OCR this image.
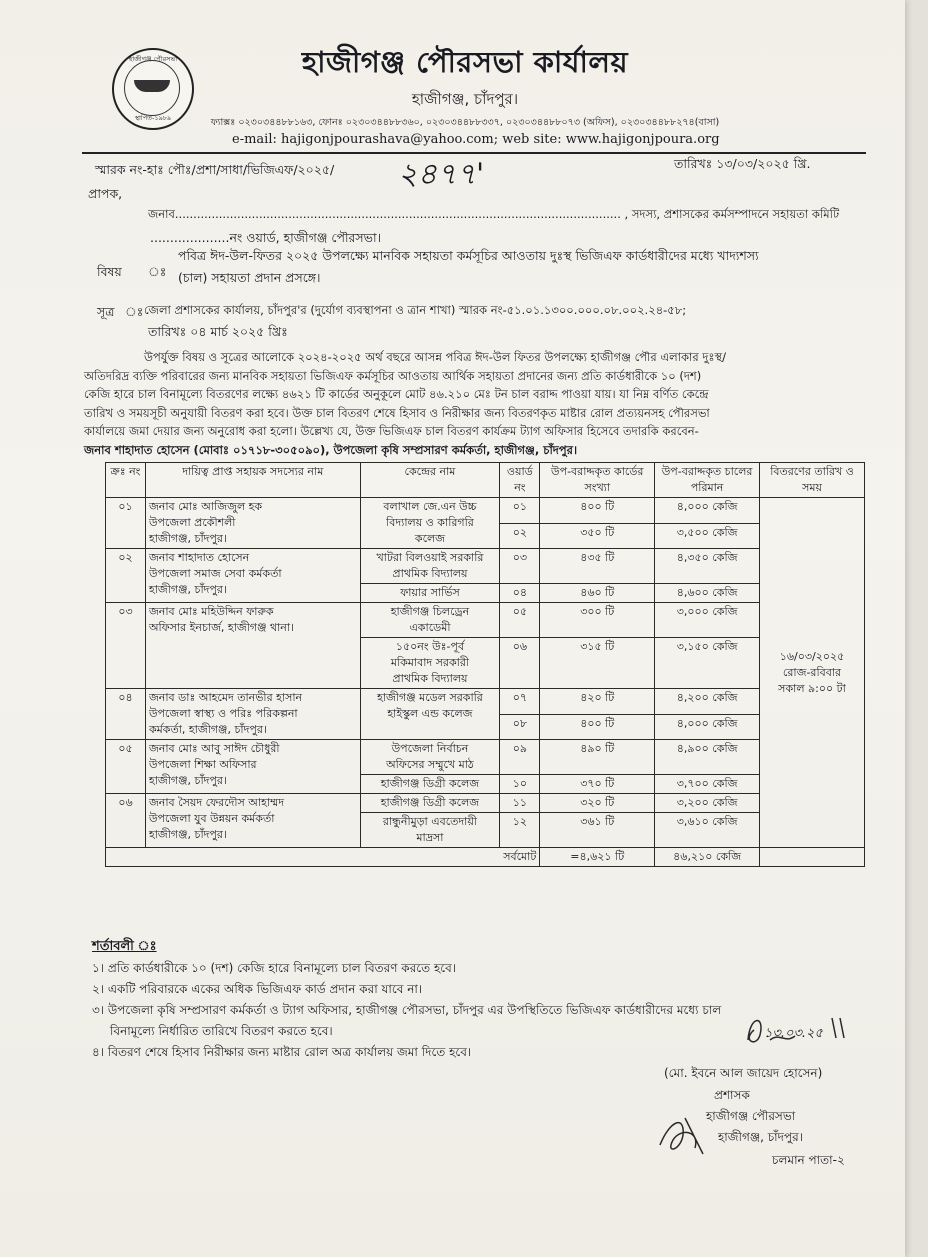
হাজীগঞ্জ পৌরসভা
স্থাপিত-১৯৮৯
হাজীগঞ্জ পৌরসভা কার্যালয়
হাজীগঞ্জ, চাঁদপুর।
ফ্যাক্সঃ ০২৩০৩৪৪৮৮১৬৩, ফোনঃ ০২৩০৩৪৪৮৮৩৬০, ০২৩০৩৪৪৮৮৩৩৭, ০২৩০৩৪৪৮৮০৭৩ (অফিস), ০২৩০৩৪৪৮৮২৭৪(বাসা)
e-mail: hajigonjpourashava@yahoo.com; web site: www.hajigonjpoura.org
স্মারক নং-হাঃ পৌঃ/প্রশা/সাধা/ভিজিএফ/২০২৫/ ২৪৭৭'	তারিখঃ ১৩/০৩/২০২৫ খ্রি.
প্রাপক,
জনাব.......................................................................................................................... , সদস্য, প্রশাসকের কর্মসম্পাদনে সহায়তা কমিটি
....................নং ওয়ার্ড, হাজীগঞ্জ পৌরসভা।
বিষয় ঃ
পবিত্র ঈদ-উল-ফিতর ২০২৫ উপলক্ষ্যে মানবিক সহায়তা কর্মসূচির আওতায় দুঃস্থ ভিজিএফ কার্ডধারীদের মধ্যে খাদ্যশস্য
(চাল) সহায়তা প্রদান প্রসঙ্গে।
সূত্র ঃ জেলা প্রশাসকের কার্যালয়, চাঁদপুর'র (দুর্যোগ ব্যবস্থাপনা ও ত্রান শাখা) স্মারক নং-৫১.০১.১৩০০.০০০.০৮.০০২.২৪-৫৮;
তারিখঃ ০৪ মার্চ ২০২৫ খ্রিঃ
উপর্যুক্ত বিষয় ও সূত্রের আলোকে ২০২৪-২০২৫ অর্থ বছরে আসন্ন পবিত্র ঈদ-উল ফিতর উপলক্ষ্যে হাজীগঞ্জ পৌর এলাকার দুঃস্থ/
অতিদরিদ্র ব্যক্তি পরিবারের জন্য মানবিক সহায়তা ভিজিএফ কর্মসূচির আওতায় আর্থিক সহায়তা প্রদানের জন্য প্রতি কার্ডধারীকে ১০ (দশ)
কেজি হারে চাল বিনামূল্যে বিতরণের লক্ষ্যে ৪৬২১ টি কার্ডের অনুকূলে মোট ৪৬.২১০ মেঃ টন চাল বরাদ্দ পাওয়া যায়। যা নিম্ন বর্ণিত কেন্দ্রে
তারিখ ও সময়সূচী অনুযায়ী বিতরণ করা হবে। উক্ত চাল বিতরণ শেষে হিসাব ও নিরীক্ষার জন্য বিতরণকৃত মাষ্টার রোল প্রত্যয়নসহ পৌরসভা
কার্যালয়ে জমা দেয়ার জন্য অনুরোধ করা হলো। উল্লেখ্য যে, উক্ত ভিজিএফ চাল বিতরণ কার্যক্রম ট্যাগ অফিসার হিসেবে তদারকি করবেন-
জনাব শাহাদাত হোসেন (মোবাঃ ০১৭১৮-৩০৫০৯০), উপজেলা কৃষি সম্প্রসারণ কর্মকর্তা, হাজীগঞ্জ, চাঁদপুর।
ক্রঃ নং	দায়িত্ব প্রাপ্ত সহায়ক সদস্যের নাম	কেন্দ্রের নাম	ওয়ার্ড নং	উপ-বরাদ্দকৃত কার্ডের সংখ্যা	উপ-বরাদ্দকৃত চালের পরিমান	বিতরণের তারিখ ও সময়
০১	জনাব মোঃ আজিজুল হক
উপজেলা প্রকৌশলী
হাজীগঞ্জ, চাঁদপুর।	বলাখাল জে.এন উচ্চ
বিদ্যালয় ও কারিগরি
কলেজ	০১	৪০০ টি	৪,০০০ কেজি	১৬/০৩/২০২৫
রোজ-রবিবার
সকাল ৯:০০ টা
			০২	৩৫০ টি	৩,৫০০ কেজি	
০২	জনাব শাহাদাত হোসেন
উপজেলা সমাজ সেবা কর্মকর্তা
হাজীগঞ্জ, চাঁদপুর।	খাটরা বিলওয়াই সরকারি
প্রাথমিক বিদ্যালয়	০৩	৪৩৫ টি	৪,৩৫০ কেজি	
		ফায়ার সার্ভিস	০৪	৪৬০ টি	৪,৬০০ কেজি	
০৩	জনাব মোঃ মহিউদ্দিন ফারুক
অফিসার ইনচার্জ, হাজীগঞ্জ থানা।	হাজীগঞ্জ চিলড্রেন
একাডেমী	০৫	৩০০ টি	৩,০০০ কেজি	
		১৫০নং উঃ-পূর্ব
মকিমাবাদ সরকারী
প্রাথমিক বিদ্যালয়	০৬	৩১৫ টি	৩,১৫০ কেজি	
০৪	জনাব ডাঃ আহমেদ তানভীর হাসান
উপজেলা স্বাস্থ্য ও পরিঃ পরিকল্পনা
কর্মকর্তা, হাজীগঞ্জ, চাঁদপুর।	হাজীগঞ্জ মডেল সরকারি
হাইস্কুল এন্ড কলেজ	০৭	৪২০ টি	৪,২০০ কেজি	
			০৮	৪০০ টি	৪,০০০ কেজি	
০৫	জনাব মোঃ আবু সাঈদ চৌধুরী
উপজেলা শিক্ষা অফিসার
হাজীগঞ্জ, চাঁদপুর।	উপজেলা নির্বাচন
অফিসের সম্মুখে মাঠ	০৯	৪৯০ টি	৪,৯০০ কেজি	
		হাজীগঞ্জ ডিগ্রী কলেজ	১০	৩৭০ টি	৩,৭০০ কেজি	
০৬	জনাব সৈয়দ ফেরদৌস আহাম্মদ
উপজেলা যুব উন্নয়ন কর্মকর্তা
হাজীগঞ্জ, চাঁদপুর।	হাজীগঞ্জ ডিগ্রী কলেজ	১১	৩২০ টি	৩,২০০ কেজি	
		রান্ধুনীমুড়া এবতেদায়ী
মাদ্রসা	১২	৩৬১ টি	৩,৬১০ কেজি	
সর্বমোট				=৪,৬২১ টি	৪৬,২১০ কেজি	
শর্তাবলী ঃ
১। প্রতি কার্ডধারীকে ১০ (দশ) কেজি হারে বিনামূল্যে চাল বিতরণ করতে হবে।
২। একটি পরিবারকে একের অধিক ভিজিএফ কার্ড প্রদান করা যাবে না।
৩। উপজেলা কৃষি সম্প্রসারণ কর্মকর্তা ও ট্যাগ অফিসার, হাজীগঞ্জ পৌরসভা, চাঁদপুর এর উপস্থিতিতে ভিজিএফ কার্ডধারীদের মধ্যে চাল
বিনামূল্যে নির্ধারিত তারিখে বিতরণ করতে হবে।
৪। বিতরণ শেষে হিসাব নিরীক্ষার জন্য মাষ্টার রোল অত্র কার্যালয় জমা দিতে হবে।
১৩.০৩.২৫
(মো. ইবনে আল জায়েদ হোসেন)
প্রশাসক
হাজীগঞ্জ পৌরসভা
হাজীগঞ্জ, চাঁদপুর।
চলমান পাতা-২
